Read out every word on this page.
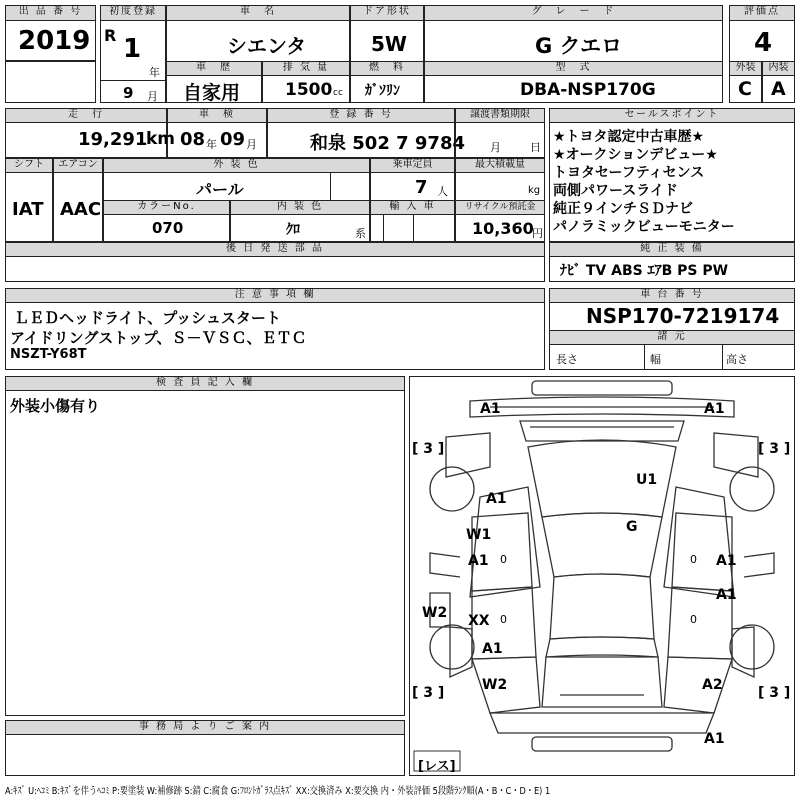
出 品 番 号
2019
初度登録
R 1
年
9 月
車　名
シエンタ
車　歴
自家用
排 気 量
1500 cc
ドア形状
5W
燃　料
ｶﾞｿﾘﾝ
グ　レ　ー　ド
G クエロ
型　式
DBA-NSP170G
評価点
4
外装
C
内装
A
走　行
19,291
km
車　検
08 年 09 月
登 録 番 号
和泉 502 7 9784
譲渡書類期限
月	日
シフト
IAT
エアコン
AAC
外 装 色
パール
乗車定員
7 人
最大積載量
kg
カラーNo.
070
内 装 色
ｸﾛ	系
輸 入 車	リサイクル預託金
10,360
円
後 日 発 送 部 品
セールスポイント
★トヨタ認定中古車歴★
★オークションデビュー★
トヨタセーフティセンス
両側パワースライド
純正９インチＳＤナビ
パノラミックビューモニター
純 正 装 備
ﾅﾋﾞ TV ABS ｴｱB PS PW
注 意 事 項 欄
ＬＥＤヘッドライト、プッシュスタート
アイドリングストップ、Ｓ－ＶＳＣ、ＥＴＣ
NSZT-Y68T
車 台 番 号
NSP170-7219174
諸 元
長さ	幅	高さ
検 査 員 記 入 欄
外装小傷有り
事 務 局 よ り ご 案 内
[ 3 ]	[ 3 ]
[ 3 ]	[ 3 ]
A1	A1
A1
U1
G
W1
A1 0	A1
0
A1
W2 XX 0
A1
0
W2	A2
A1
[レス]
A:ｷｽﾞ U:ﾍｺﾐ B:ｷｽﾞを伴うﾍｺﾐ P:要塗装 W:補修跡 S:錆 C:腐食 G:ﾌﾛﾝﾄｶﾞﾗｽ点ｷｽﾞ XX:交換済み X:要交換 内・外装評価 5段階ﾗﾝｸ順(A・B・C・D・E) 1
